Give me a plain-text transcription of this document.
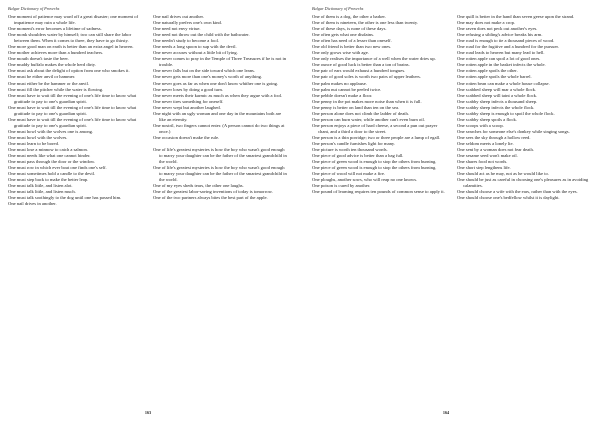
Bulgar Dictionary of Proverbs

One moment of patience may ward off a great disaster; one moment of impatience may ruin a whole life.

One moment's error becomes a lifetime of sadness.

One monk shoulders water by himself; two can still share the labor between them. When it comes to three, they have to go thirsty.

One more good man on earth is better than an extra angel in heaven.

One mother achieves more than a hundred teachers.

One mouth doesn't taste the beer.

One muddy buffalo makes the whole herd dirty.

One must ask about the delight of option from one who smokes it.

One must be either anvil or hammer.

One must either be the hammer or the anvil.

One must fill the pitcher while the water is flowing.

One must have to wait till the evening of one's life time to know what gratitude to pay to one's guardian spirit.

One must have to wait till the evening of one's life time to know what gratitude to pay to one's guardian spirit.

One must have to wait till the evening of one's life time to know what gratitude to pay to one's guardian spirit.

One must howl with the wolves one is among.

One must howl with the wolves.

One must learn to be bored.

One must lose a minnow to catch a salmon.

One must needs like what one cannot hinder.

One must pass through the door or the window.

One must row in which ever boat one finds one's self.

One must sometimes hold a candle to the devil.

One must step back to make the better leap.

One must talk little, and listen alot.

One must talk little, and listen much.

One must talk soothingly to the dog until one has passed him.

One nail drives in another.

One nail drives out another.

One naturally prefers one's own kind.

One need not envy virtue.

One need not throw out the child with the bathwater.

One needn't study to become a fool.

One needs a long spoon to sup with the devil.

One never accuses without a little bit of lying.

One never comes to pray in the Temple of Three Treasures if he is not in trouble.

One never falls but on the side toward which one leans.

One never gets more than one's money's worth of anything.

One never goes as far as when one don't know whither one is going.

One never loses by doing a good turn.

One never meets their karmic as much as when they argue with a fool.

One never tires something for oneself.

One never wept but another laughed.

One night with an ugly woman and one day in the mountains both are like an eternity.

One nostril, two fingers cannot enter. (A person cannot do two things at once.)

One occasion doesn't make the rule.

One of life's greatest mysteries is how the boy who wasn't good enough to marry your daughter can be the father of the smartest grandchild in the world.

One of life's greatest mysteries is how the boy who wasn't good enough to marry your daughter can be the father of the smartest grandchild in the world.

One of my eyes sheds tears, the other one laughs.

One of the greatest labor-saving inventions of today is tomorrow.

One of the two partners always bites the best part of the apple.

163
Bulgar Dictionary of Proverbs

One of them is a dog, the other a barker.

One of them is nineteen, the other is one less than twenty.

One of these days, is none of these days.

One often gets what one disdains.

One often has need of a lesser than oneself.

One old friend is better than two new ones.

One only grows wise with age.

One only realises the importance of a well when the water dries up.

One ounce of good luck is better than a ton of brains.

One pair of ears would exhaust a hundred tongues.

One pair of good soles is worth two pairs of upper leathers.

One palm makes no applause.

One palm nut cannot be peeled twice.

One pebble doesn't make a floor.

One penny in the pot makes more noise than when it is full.

One penny is better on land than ten on the sea.

One person alone does not climb the ladder of death.

One person can burn water, while another can't even burn oil.

One person enjoys a piece of hard cheese, a second a pun out prayer chant, and a third a door to the street.

One person is a thin porridge; two or three people are a lump of egall.

One person's candle furnishes light for many.

One picture is worth ten thousand words.

One piece of good advice is better than a bag full.

One piece of green wood is enough to stop the others from burning.

One piece of green wood is enough to stop the others from burning.

One piece of wood will not make a fire.

One ploughs, another sows, who will reap no one knows.

One poison is cured by another.

One pound of learning requires ten pounds of common sense to apply it.

One quill is better in the hand than seven geese upon the strand.

One may does not make a crop.

One raven does not peck out another's eyes.

One refusing a sibling's advice breaks his arm.

One road is enough to tie a thousand pieces of wood.

One road for the fugitive and a hundred for the pursuer.

One road leads to heaven but many lead to hell.

One rotten apple can spoil a lot of good ones.

One rotten apple in the basket infects the whole.

One rotten apple spoils the other.

One rotten apple spoils the whole barrel.

One rotten bean can make a whole house collapse.

One scabbed sheep will mar a whole flock.

One scabbed sheep will taint a whole flock.

One scabby sheep infects a thousand sheep.

One scabby sheep infects the whole flock.

One scabby sheep is enough to spoil the whole flock.

One scabby sheep spoils a flock.

One scoops with a scoop.

One searches for someone else's donkey while singing songs.

One sees the sky through a hollow reed.

One seldom meets a lonely lie.

One sent by a woman does not fear death.

One sesame seed won't make oil.

One shares food not words.

One short step lengthens life.

One should act as he may, not as he would like to.

One should be just as careful in choosing one's pleasures as in avoiding calamities.

One should choose a wife with the ears, rather than with the eyes.

One should choose one's bedfellow whilst it is daylight.

164
